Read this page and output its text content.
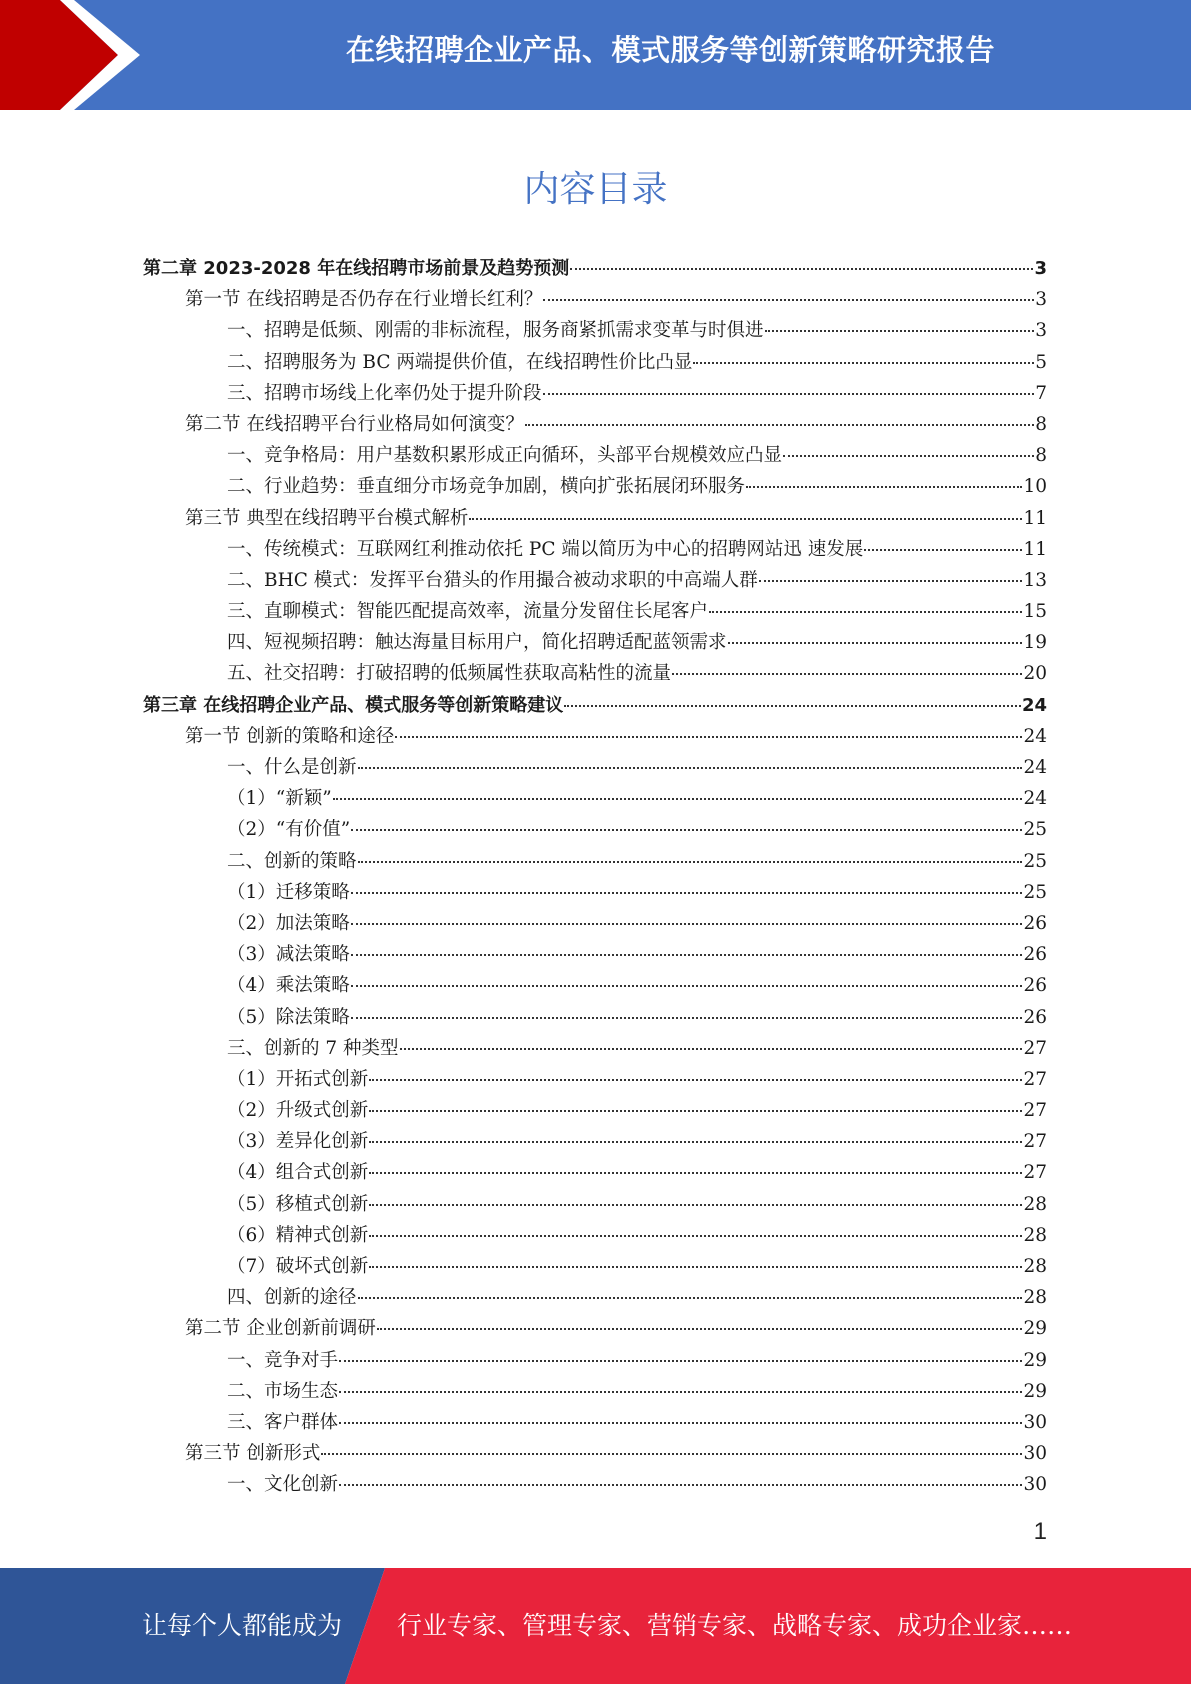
在线招聘企业产品、模式服务等创新策略研究报告
内容目录
第二章 2023-2028 年在线招聘市场前景及趋势预测	3
第一节 在线招聘是否仍存在行业增长红利？	3
一、招聘是低频、刚需的非标流程，服务商紧抓需求变革与时俱进	3
二、招聘服务为 BC 两端提供价值，在线招聘性价比凸显	5
三、招聘市场线上化率仍处于提升阶段	7
第二节 在线招聘平台行业格局如何演变？	8
一、竞争格局：用户基数积累形成正向循环，头部平台规模效应凸显	8
二、行业趋势：垂直细分市场竞争加剧，横向扩张拓展闭环服务	10
第三节 典型在线招聘平台模式解析	11
一、传统模式：互联网红利推动依托 PC 端以简历为中心的招聘网站迅 速发展	11
二、BHC 模式：发挥平台猎头的作用撮合被动求职的中高端人群	13
三、直聊模式：智能匹配提高效率，流量分发留住长尾客户	15
四、短视频招聘：触达海量目标用户，简化招聘适配蓝领需求	19
五、社交招聘：打破招聘的低频属性获取高粘性的流量	20
第三章 在线招聘企业产品、模式服务等创新策略建议	24
第一节 创新的策略和途径	24
一、什么是创新	24
（1）“新颖”	24
（2）“有价值”	25
二、创新的策略	25
（1）迁移策略	25
（2）加法策略	26
（3）减法策略	26
（4）乘法策略	26
（5）除法策略	26
三、创新的 7 种类型	27
（1）开拓式创新	27
（2）升级式创新	27
（3）差异化创新	27
（4）组合式创新	27
（5）移植式创新	28
（6）精神式创新	28
（7）破坏式创新	28
四、创新的途径	28
第二节 企业创新前调研	29
一、竞争对手	29
二、市场生态	29
三、客户群体	30
第三节 创新形式	30
一、文化创新	30
1
让每个人都能成为 行业专家、管理专家、营销专家、战略专家、成功企业家……
